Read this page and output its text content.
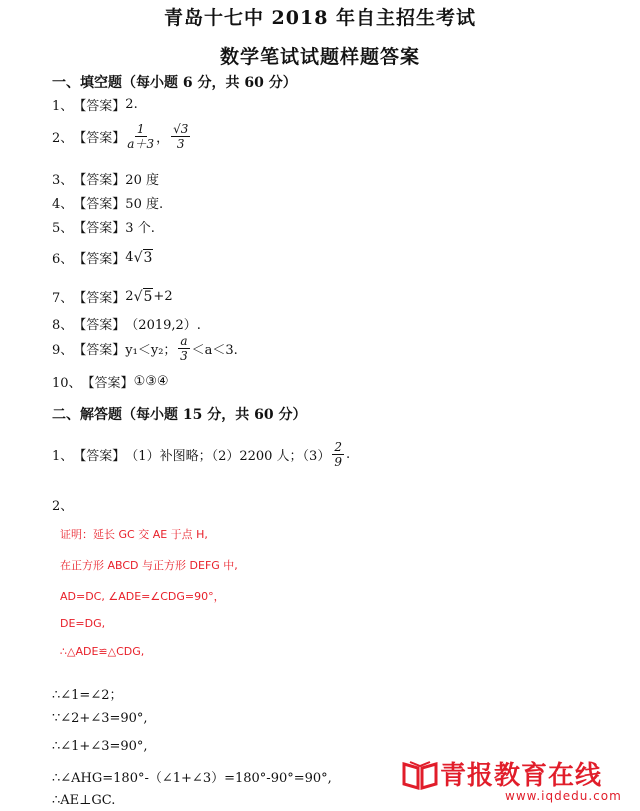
青岛十七中 2018 年自主招生考试
数学笔试试题样题答案
一、填空题（每小题 6 分，共 60 分）
1、 【答案】 2.
2、 【答案】 $\frac{1}{a+3}$ ， $\frac{√3}{3}$
3、 【答案】 20 度
4、 【答案】 50 度.
5、 【答案】 3 个.
6、 【答案】 4 √3
7、 【答案】 2 √5 +2
8、 【答案】 （2019,2）.
9、 【答案】 y₁＜y₂； $\frac{a}{3} <a<3$.
10、 【答案】 ①③④
二、解答题（每小题 15 分，共 60 分）
1、 【答案】 （1）补图略；（2）2200 人；$(3) \frac{2}{9}$ .
2、
证明：延长 GC 交 AE 于点 H,
在正方形 ABCD 与正方形 DEFG 中,
AD=DC, ∠ADE=∠CDG=90°，
DE=DG,
∴△ADE≌△CDG,
∴∠1=∠2；
∵∠2+∠3=90°,
∴∠1+∠3=90°,
∴∠AHG=180°-（∠1+∠3）=180°-90°=90°,
∴AE⊥GC.
青报教育在线
www.iqdedu.com
